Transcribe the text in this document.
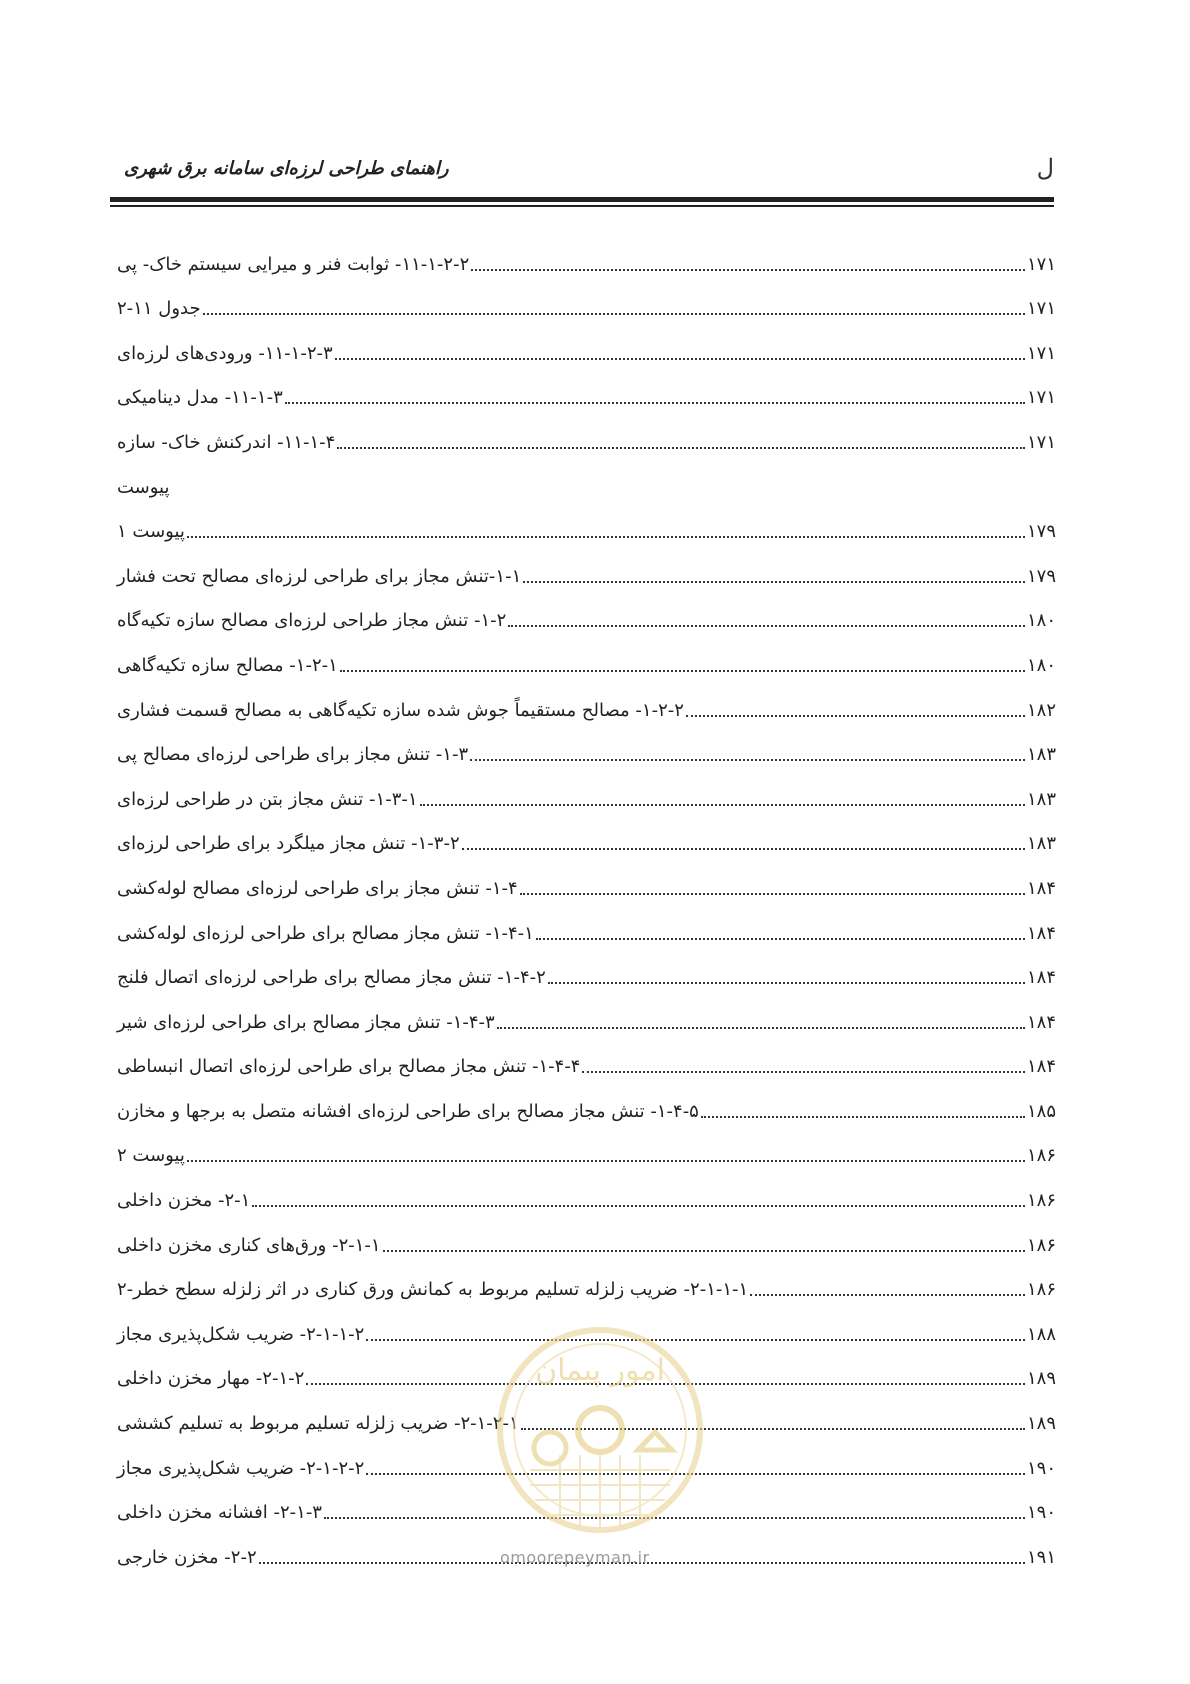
ل
راهنمای طراحی لرزه‌ای سامانه برق شهری
۱۱-۱-۲-۲- ثوابت فنر و میرایی سیستم خاک- پی	۱۷۱
جدول ۱۱-۲	۱۷۱
۱۱-۱-۲-۳- ورودی‌های لرزه‌ای	۱۷۱
۱۱-۱-۳- مدل دینامیکی	۱۷۱
۱۱-۱-۴- اندرکنش خاک- سازه	۱۷۱
پیوست
پیوست ۱	۱۷۹
۱-۱-تنش مجاز برای طراحی لرزه‌ای مصالح تحت فشار	۱۷۹
۱-۲- تنش مجاز طراحی لرزه‌ای مصالح سازه تکیه‌گاه	۱۸۰
۱-۲-۱- مصالح سازه تکیه‌گاهی	۱۸۰
۱-۲-۲- مصالح مستقیماً جوش شده سازه تکیه‌گاهی به مصالح قسمت فشاری	۱۸۲
۱-۳- تنش مجاز برای طراحی لرزه‌ای مصالح پی	۱۸۳
۱-۳-۱- تنش مجاز بتن در طراحی لرزه‌ای	۱۸۳
۱-۳-۲- تنش مجاز میلگرد برای طراحی لرزه‌ای	۱۸۳
۱-۴- تنش مجاز برای طراحی لرزه‌ای مصالح لوله‌کشی	۱۸۴
۱-۴-۱- تنش مجاز مصالح برای طراحی لرزه‌ای لوله‌کشی	۱۸۴
۱-۴-۲- تنش مجاز مصالح برای طراحی لرزه‌ای اتصال فلنج	۱۸۴
۱-۴-۳- تنش مجاز مصالح برای طراحی لرزه‌ای شیر	۱۸۴
۱-۴-۴- تنش مجاز مصالح برای طراحی لرزه‌ای اتصال انبساطی	۱۸۴
۱-۴-۵- تنش مجاز مصالح برای طراحی لرزه‌ای افشانه متصل به برجها و مخازن	۱۸۵
پیوست ۲	۱۸۶
۲-۱- مخزن داخلی	۱۸۶
۲-۱-۱- ورق‌های کناری مخزن داخلی	۱۸۶
۲-۱-۱-۱- ضریب زلزله تسلیم مربوط به کمانش ورق کناری در اثر زلزله سطح خطر-۲	۱۸۶
۲-۱-۱-۲- ضریب شکل‌پذیری مجاز	۱۸۸
۲-۱-۲- مهار مخزن داخلی	۱۸۹
۲-۱-۲-۱- ضریب زلزله تسلیم مربوط به تسلیم کششی	۱۸۹
۲-۱-۲-۲- ضریب شکل‌پذیری مجاز	۱۹۰
۲-۱-۳- افشانه مخزن داخلی	۱۹۰
۲-۲- مخزن خارجی	۱۹۱
امور پیمان
omoorepeyman.ir
